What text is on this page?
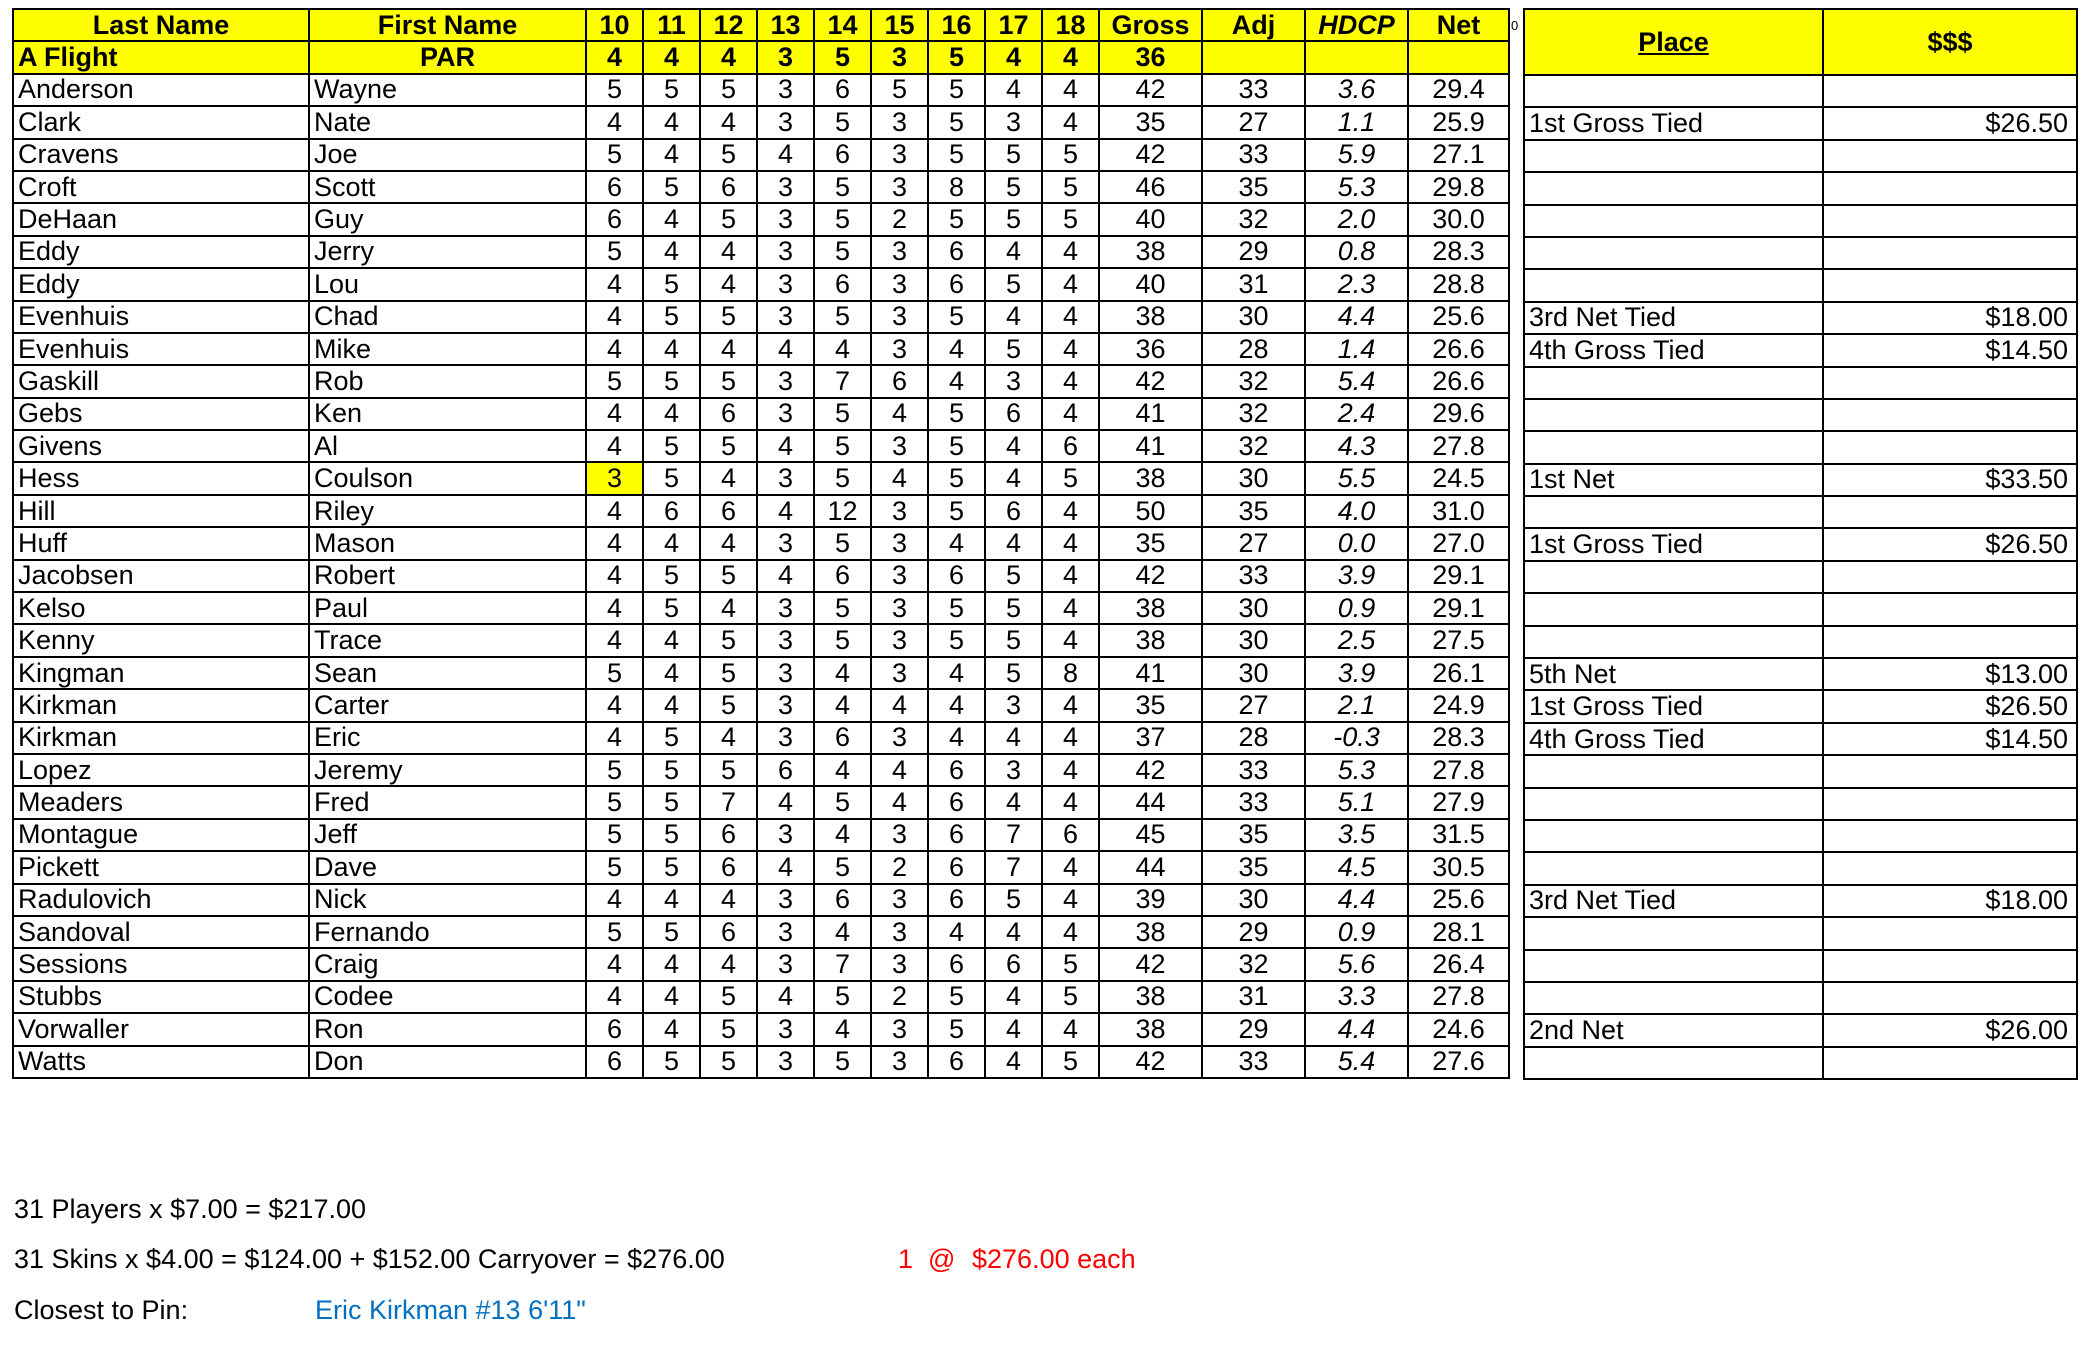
Last Name	First Name	10	11	12	13	14	15	16	17	18	Gross	Adj	HDCP	Net
A Flight	PAR	4	4	4	3	5	3	5	4	4	36			
Anderson	Wayne	5	5	5	3	6	5	5	4	4	42	33	3.6	29.4
Clark	Nate	4	4	4	3	5	3	5	3	4	35	27	1.1	25.9
Cravens	Joe	5	4	5	4	6	3	5	5	5	42	33	5.9	27.1
Croft	Scott	6	5	6	3	5	3	8	5	5	46	35	5.3	29.8
DeHaan	Guy	6	4	5	3	5	2	5	5	5	40	32	2.0	30.0
Eddy	Jerry	5	4	4	3	5	3	6	4	4	38	29	0.8	28.3
Eddy	Lou	4	5	4	3	6	3	6	5	4	40	31	2.3	28.8
Evenhuis	Chad	4	5	5	3	5	3	5	4	4	38	30	4.4	25.6
Evenhuis	Mike	4	4	4	4	4	3	4	5	4	36	28	1.4	26.6
Gaskill	Rob	5	5	5	3	7	6	4	3	4	42	32	5.4	26.6
Gebs	Ken	4	4	6	3	5	4	5	6	4	41	32	2.4	29.6
Givens	Al	4	5	5	4	5	3	5	4	6	41	32	4.3	27.8
Hess	Coulson	3	5	4	3	5	4	5	4	5	38	30	5.5	24.5
Hill	Riley	4	6	6	4	12	3	5	6	4	50	35	4.0	31.0
Huff	Mason	4	4	4	3	5	3	4	4	4	35	27	0.0	27.0
Jacobsen	Robert	4	5	5	4	6	3	6	5	4	42	33	3.9	29.1
Kelso	Paul	4	5	4	3	5	3	5	5	4	38	30	0.9	29.1
Kenny	Trace	4	4	5	3	5	3	5	5	4	38	30	2.5	27.5
Kingman	Sean	5	4	5	3	4	3	4	5	8	41	30	3.9	26.1
Kirkman	Carter	4	4	5	3	4	4	4	3	4	35	27	2.1	24.9
Kirkman	Eric	4	5	4	3	6	3	4	4	4	37	28	-0.3	28.3
Lopez	Jeremy	5	5	5	6	4	4	6	3	4	42	33	5.3	27.8
Meaders	Fred	5	5	7	4	5	4	6	4	4	44	33	5.1	27.9
Montague	Jeff	5	5	6	3	4	3	6	7	6	45	35	3.5	31.5
Pickett	Dave	5	5	6	4	5	2	6	7	4	44	35	4.5	30.5
Radulovich	Nick	4	4	4	3	6	3	6	5	4	39	30	4.4	25.6
Sandoval	Fernando	5	5	6	3	4	3	4	4	4	38	29	0.9	28.1
Sessions	Craig	4	4	4	3	7	3	6	6	5	42	32	5.6	26.4
Stubbs	Codee	4	4	5	4	5	2	5	4	5	38	31	3.3	27.8
Vorwaller	Ron	6	4	5	3	4	3	5	4	4	38	29	4.4	24.6
Watts	Don	6	5	5	3	5	3	6	4	5	42	33	5.4	27.6
0
Place	$$$

1st Gross Tied	$26.50

3rd Net Tied	$18.00
4th Gross Tied	$14.50

1st Net	$33.50

1st Gross Tied	$26.50

5th Net	$13.00
1st Gross Tied	$26.50
4th Gross Tied	$14.50

3rd Net Tied	$18.00

2nd Net	$26.00

31 Players x $7.00 = $217.00
31 Skins x $4.00 = $124.00 + $152.00 Carryover = $276.00	1 @ $276.00 each
Closest to Pin:	Eric Kirkman #13 6'11"
